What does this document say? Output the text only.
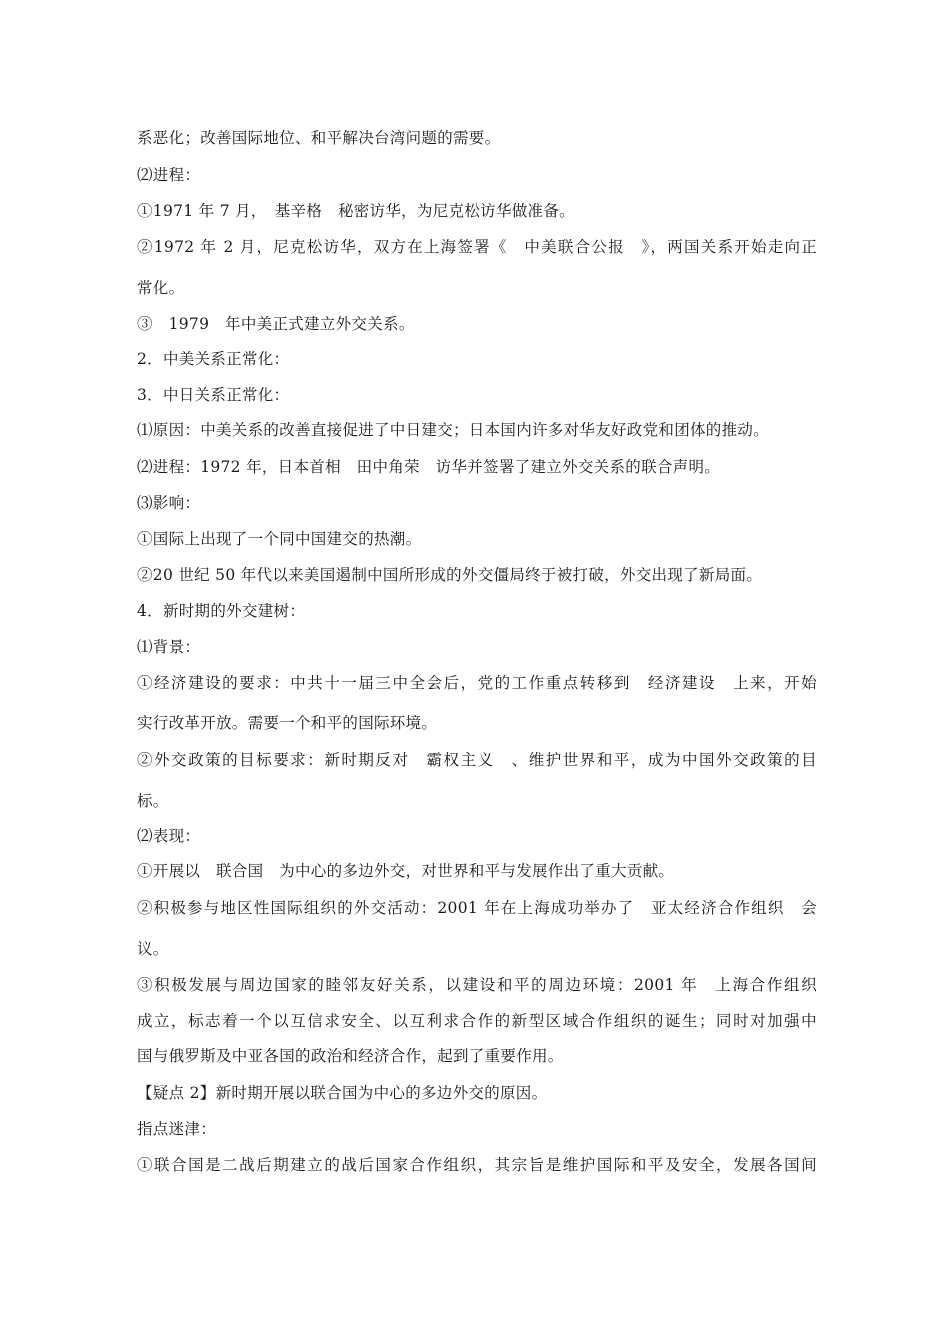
系恶化；改善国际地位、和平解决台湾问题的需要。
⑵进程：
①1971 年 7 月，　基辛格　秘密访华，为尼克松访华做准备。
②1972 年 2 月，尼克松访华，双方在上海签署《　中美联合公报　》，两国关系开始走向正
常化。
③　1979　年中美正式建立外交关系。
2．中美关系正常化：
3．中日关系正常化：
⑴原因：中美关系的改善直接促进了中日建交；日本国内许多对华友好政党和团体的推动。
⑵进程：1972 年，日本首相　田中角荣　访华并签署了建立外交关系的联合声明。
⑶影响：
①国际上出现了一个同中国建交的热潮。
②20 世纪 50 年代以来美国遏制中国所形成的外交僵局终于被打破，外交出现了新局面。
4．新时期的外交建树：
⑴背景：
①经济建设的要求：中共十一届三中全会后，党的工作重点转移到　经济建设　上来，开始
实行改革开放。需要一个和平的国际环境。
②外交政策的目标要求：新时期反对　霸权主义　、维护世界和平，成为中国外交政策的目
标。
⑵表现：
①开展以　联合国　为中心的多边外交，对世界和平与发展作出了重大贡献。
②积极参与地区性国际组织的外交活动：2001 年在上海成功举办了　亚太经济合作组织　会
议。
③积极发展与周边国家的睦邻友好关系，以建设和平的周边环境：2001 年　上海合作组织
成立，标志着一个以互信求安全、以互利求合作的新型区域合作组织的诞生；同时对加强中
国与俄罗斯及中亚各国的政治和经济合作，起到了重要作用。
【疑点 2】新时期开展以联合国为中心的多边外交的原因。
指点迷津：
①联合国是二战后期建立的战后国家合作组织，其宗旨是维护国际和平及安全，发展各国间
